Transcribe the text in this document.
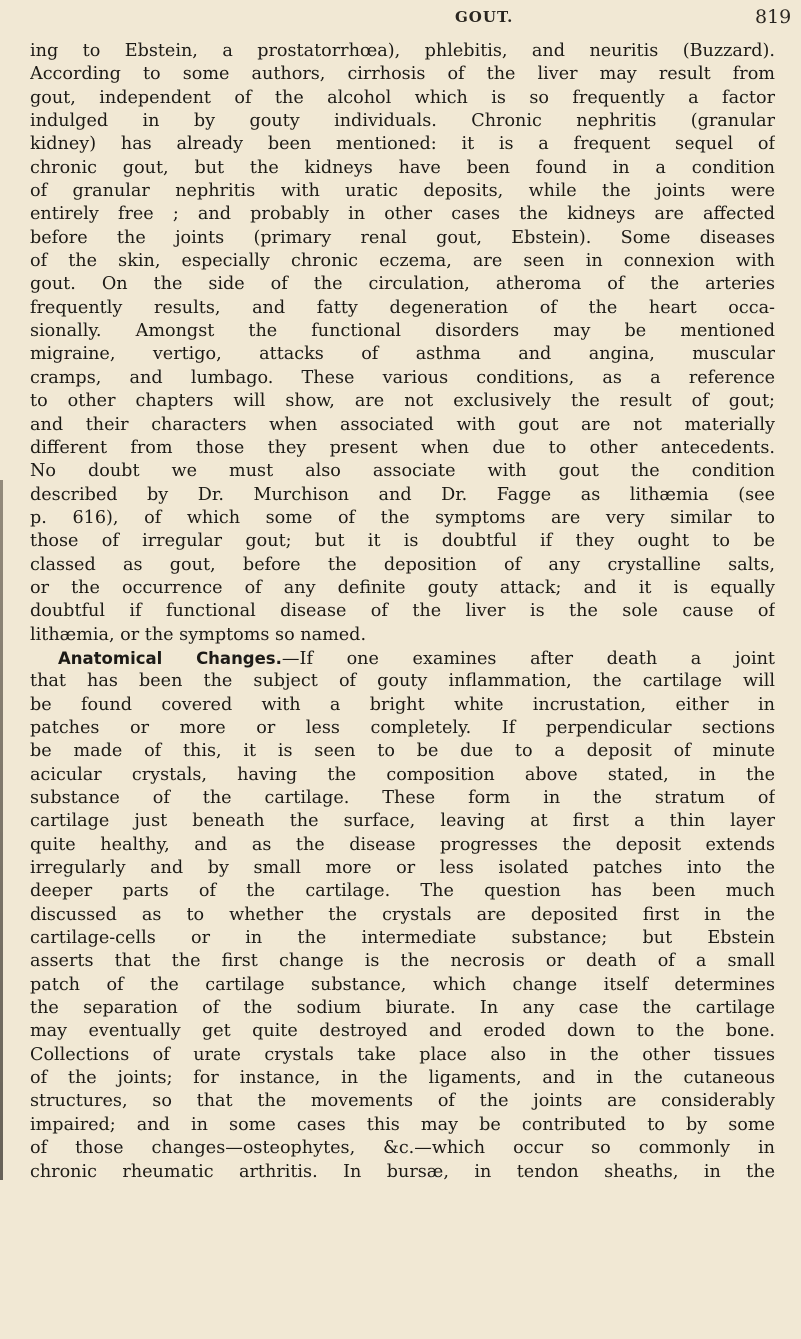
GOUT.	819
ing to Ebstein, a prostatorrhœa), phlebitis, and neuritis (Buzzard).
According to some authors, cirrhosis of the liver may result from
gout, independent of the alcohol which is so frequently a factor
indulged in by gouty individuals. Chronic nephritis (granular
kidney) has already been mentioned: it is a frequent sequel of
chronic gout, but the kidneys have been found in a condition
of granular nephritis with uratic deposits, while the joints were
entirely free ; and probably in other cases the kidneys are affected
before the joints (primary renal gout, Ebstein). Some diseases
of the skin, especially chronic eczema, are seen in connexion with
gout. On the side of the circulation, atheroma of the arteries
frequently results, and fatty degeneration of the heart occa-
sionally. Amongst the functional disorders may be mentioned
migraine, vertigo, attacks of asthma and angina, muscular
cramps, and lumbago. These various conditions, as a reference
to other chapters will show, are not exclusively the result of gout;
and their characters when associated with gout are not materially
different from those they present when due to other antecedents.
No doubt we must also associate with gout the condition
described by Dr. Murchison and Dr. Fagge as lithæmia (see
p. 616), of which some of the symptoms are very similar to
those of irregular gout; but it is doubtful if they ought to be
classed as gout, before the deposition of any crystalline salts,
or the occurrence of any definite gouty attack; and it is equally
doubtful if functional disease of the liver is the sole cause of
lithæmia, or the symptoms so named.
Anatomical Changes.—If one examines after death a joint
that has been the subject of gouty inflammation, the cartilage will
be found covered with a bright white incrustation, either in
patches or more or less completely. If perpendicular sections
be made of this, it is seen to be due to a deposit of minute
acicular crystals, having the composition above stated, in the
substance of the cartilage. These form in the stratum of
cartilage just beneath the surface, leaving at first a thin layer
quite healthy, and as the disease progresses the deposit extends
irregularly and by small more or less isolated patches into the
deeper parts of the cartilage. The question has been much
discussed as to whether the crystals are deposited first in the
cartilage-cells or in the intermediate substance; but Ebstein
asserts that the first change is the necrosis or death of a small
patch of the cartilage substance, which change itself determines
the separation of the sodium biurate. In any case the cartilage
may eventually get quite destroyed and eroded down to the bone.
Collections of urate crystals take place also in the other tissues
of the joints; for instance, in the ligaments, and in the cutaneous
structures, so that the movements of the joints are considerably
impaired; and in some cases this may be contributed to by some
of those changes—osteophytes, &c.—which occur so commonly in
chronic rheumatic arthritis. In bursæ, in tendon sheaths, in the
